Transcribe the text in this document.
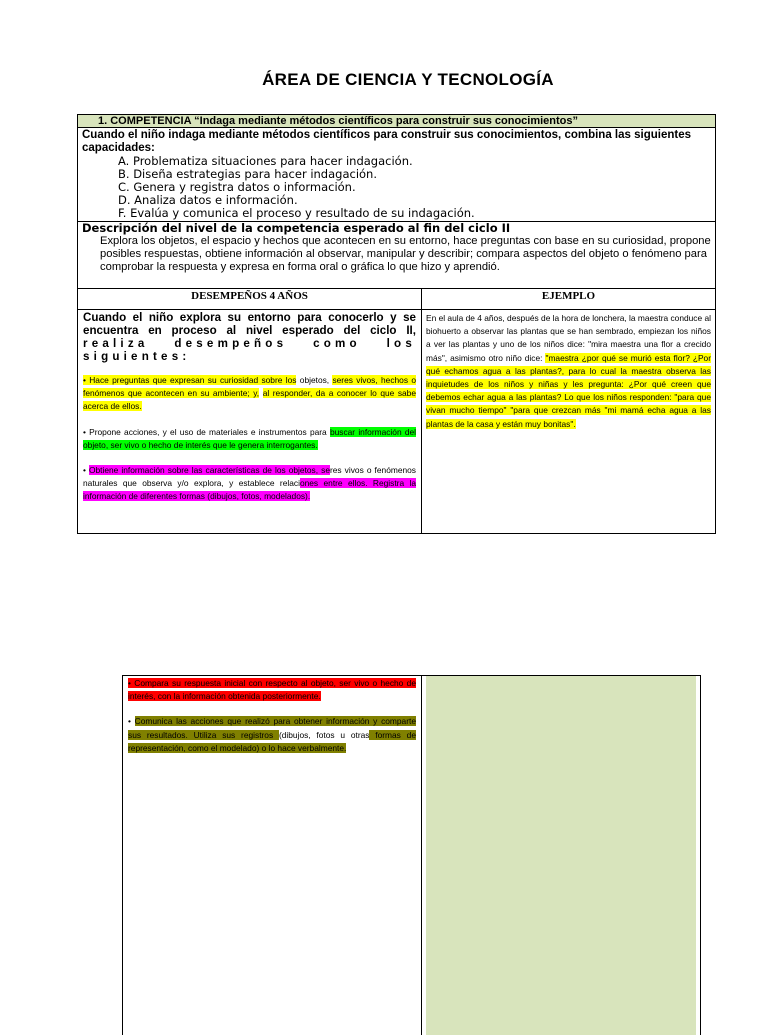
ÁREA DE CIENCIA Y TECNOLOGÍA
1. COMPETENCIA “Indaga mediante métodos científicos para construir sus conocimientos”
Cuando el niño indaga mediante métodos científicos para construir sus conocimientos, combina las siguientes capacidades:
A. Problematiza situaciones para hacer indagación.
B. Diseña estrategias para hacer indagación.
C. Genera y registra datos o información.
D. Analiza datos e información.
F. Evalúa y comunica el proceso y resultado de su indagación.
Descripción del nivel de la competencia esperado al fin del ciclo II
Explora los objetos, el espacio y hechos que acontecen en su entorno, hace preguntas con base en su curiosidad, propone posibles respuestas, obtiene información al observar, manipular y describir; compara aspectos del objeto o fenómeno para comprobar la respuesta y expresa en forma oral o gráfica lo que hizo y aprendió.
DESEMPEÑOS 4 AÑOS	EJEMPLO
Cuando el niño explora su entorno para conocerlo y se encuentra en proceso al nivel esperado del ciclo II, realiza desempeños como los siguientes:
• Hace preguntas que expresan su curiosidad sobre los objetos, seres vivos, hechos o fenómenos que acontecen en su ambiente; y, al responder, da a conocer lo que sabe acerca de ellos.
• Propone acciones, y el uso de materiales e instrumentos para buscar información del objeto, ser vivo o hecho de interés que le genera interrogantes.
• Obtiene información sobre las características de los objetos, seres vivos o fenómenos naturales que observa y/o explora, y establece relaciones entre ellos. Registra la información de diferentes formas (dibujos, fotos, modelados).
En el aula de 4 años, después de la hora de lonchera, la maestra conduce al biohuerto a observar las plantas que se han sembrado, empiezan los niños a ver las plantas y uno de los niños dice: "mira maestra una flor a crecido más", asimismo otro niño dice: "maestra ¿por qué se murió esta flor? ¿Por qué echamos agua a las plantas?, para lo cual la maestra observa las inquietudes de los niños y niñas y les pregunta: ¿Por qué creen que debemos echar agua a las plantas? Lo que los niños responden: "para que vivan mucho tiempo" "para que crezcan más "mi mamá echa agua a las plantas de la casa y están muy bonitas".
• Compara su respuesta inicial con respecto al objeto, ser vivo o hecho de interés, con la información obtenida posteriormente.
• Comunica las acciones que realizó para obtener información y comparte sus resultados. Utiliza sus registros (dibujos, fotos u otras formas de representación, como el modelado) o lo hace verbalmente.
